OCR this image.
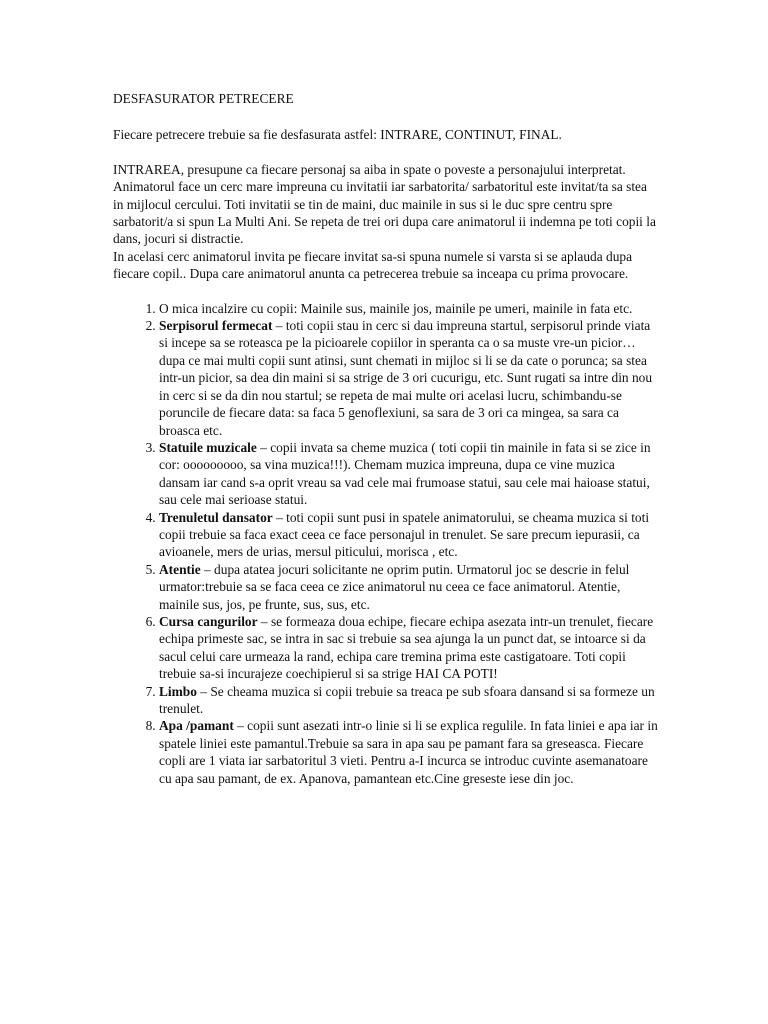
DESFASURATOR PETRECERE

Fiecare petrecere trebuie sa fie desfasurata astfel: INTRARE, CONTINUT, FINAL.

INTRAREA, presupune ca fiecare personaj sa aiba in spate o poveste a personajului interpretat.

Animatorul face un cerc mare impreuna cu invitatii iar sarbatorita/ sarbatoritul este invitat/ta sa stea in mijlocul cercului. Toti invitatii se tin de maini, duc mainile in sus si le duc spre centru spre sarbatorit/a si spun La Multi Ani. Se repeta de trei ori dupa care animatorul ii indemna pe toti copii la dans, jocuri si distractie.

In acelasi cerc animatorul invita pe fiecare invitat sa-si spuna numele si varsta si se aplauda dupa fiecare copil.. Dupa care animatorul anunta ca petrecerea trebuie sa inceapa cu prima provocare.

1. O mica incalzire cu copii: Mainile sus, mainile jos, mainile pe umeri, mainile in fata etc.
2. Serpisorul fermecat – toti copii stau in cerc si dau impreuna startul, serpisorul prinde viata si incepe sa se roteasca pe la picioarele copiilor in speranta ca o sa muste vre-un picior…dupa ce mai multi copii sunt atinsi, sunt chemati in mijloc si li se da cate o porunca; sa stea intr-un picior, sa dea din maini si sa strige de 3 ori cucurigu, etc. Sunt rugati sa intre din nou in cerc si se da din nou startul; se repeta de mai multe ori acelasi lucru, schimbandu-se poruncile de fiecare data: sa faca 5 genoflexiuni, sa sara de 3 ori ca mingea, sa sara ca broasca etc.
3. Statuile muzicale – copii invata sa cheme muzica ( toti copii tin mainile in fata si se zice in cor: ooooooooo, sa vina muzica!!!). Chemam muzica impreuna, dupa ce vine muzica dansam iar cand s-a oprit vreau sa vad cele mai frumoase statui, sau cele mai haioase statui, sau cele mai serioase statui.
4. Trenuletul dansator – toti copii sunt pusi in spatele animatorului, se cheama muzica si toti copii trebuie sa faca exact ceea ce face personajul in trenulet. Se sare precum iepurasii, ca avioanele, mers de urias, mersul piticului, morisca , etc.
5. Atentie – dupa atatea jocuri solicitante ne oprim putin. Urmatorul joc se descrie in felul urmator:trebuie sa se faca ceea ce zice animatorul nu ceea ce face animatorul. Atentie, mainile sus, jos, pe frunte, sus, sus, etc.
6. Cursa cangurilor – se formeaza doua echipe, fiecare echipa asezata intr-un trenulet, fiecare echipa primeste sac, se intra in sac si trebuie sa sea ajunga la un punct dat, se intoarce si da sacul celui care urmeaza la rand, echipa care tremina prima este castigatoare. Toti copii trebuie sa-si incurajeze coechipierul si sa strige HAI CA POTI!
7. Limbo – Se cheama muzica si copii trebuie sa treaca pe sub sfoara dansand si sa formeze un trenulet.
8. Apa /pamant – copii sunt asezati intr-o linie si li se explica regulile. In fata liniei e apa iar in spatele liniei este pamantul.Trebuie sa sara in apa sau pe pamant fara sa greseasca. Fiecare copli are 1 viata iar sarbatoritul 3 vieti. Pentru a-I incurca se introduc cuvinte asemanatoare cu apa sau pamant, de ex. Apanova, pamantean etc.Cine greseste iese din joc.
